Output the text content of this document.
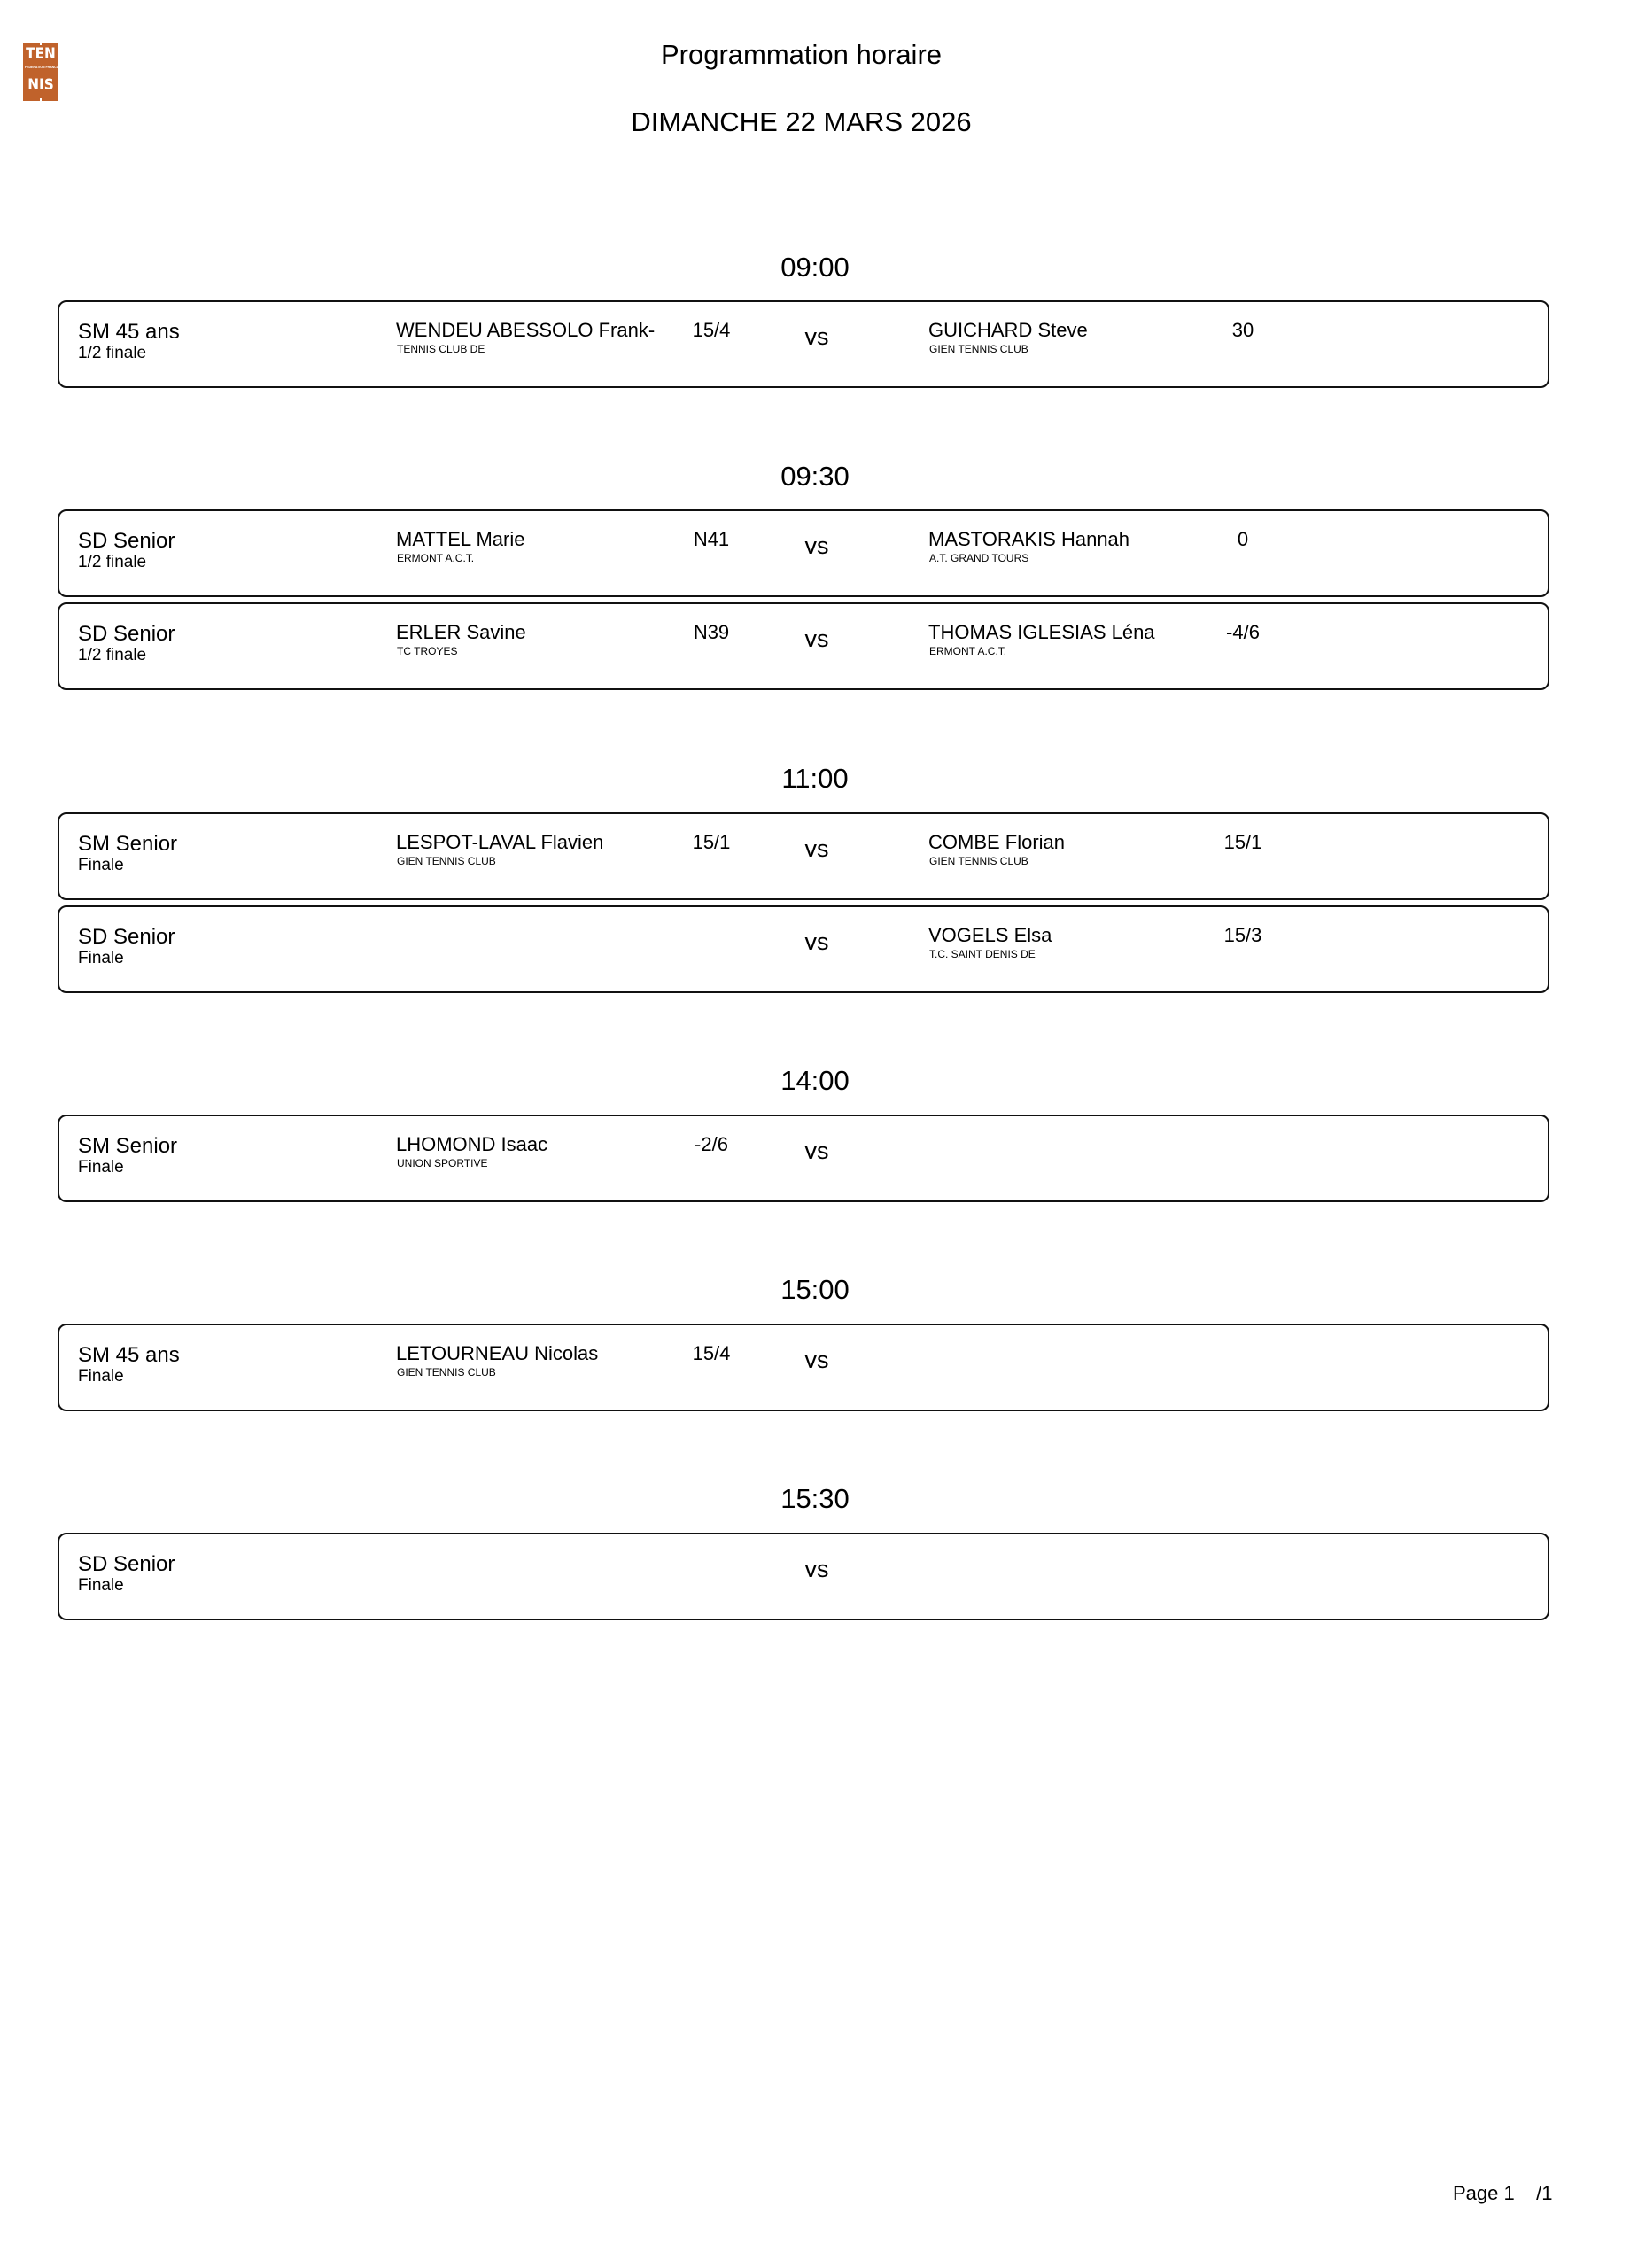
TEN
FEDERATION FRANCAISE
NIS
Programmation horaire
DIMANCHE 22 MARS 2026
09:00
SM 45 ans
1/2 finale
WENDEU ABESSOLO Frank-
TENNIS CLUB DE
15/4	vs	GUICHARD Steve
GIEN TENNIS CLUB
30
09:30
SD Senior
1/2 finale
MATTEL Marie
ERMONT A.C.T.
N41	vs	MASTORAKIS Hannah
A.T. GRAND TOURS
0
SD Senior
1/2 finale
ERLER Savine
TC TROYES
N39	vs	THOMAS IGLESIAS Léna
ERMONT A.C.T.
-4/6
11:00
SM Senior
Finale
LESPOT-LAVAL Flavien
GIEN TENNIS CLUB
15/1	vs	COMBE Florian
GIEN TENNIS CLUB
15/1
SD Senior
Finale
vs	VOGELS Elsa
T.C. SAINT DENIS DE
15/3
14:00
SM Senior
Finale
LHOMOND Isaac
UNION SPORTIVE
-2/6	vs
15:00
SM 45 ans
Finale
LETOURNEAU Nicolas
GIEN TENNIS CLUB
15/4	vs
15:30
SD Senior
Finale
vs
Page 1    /1
